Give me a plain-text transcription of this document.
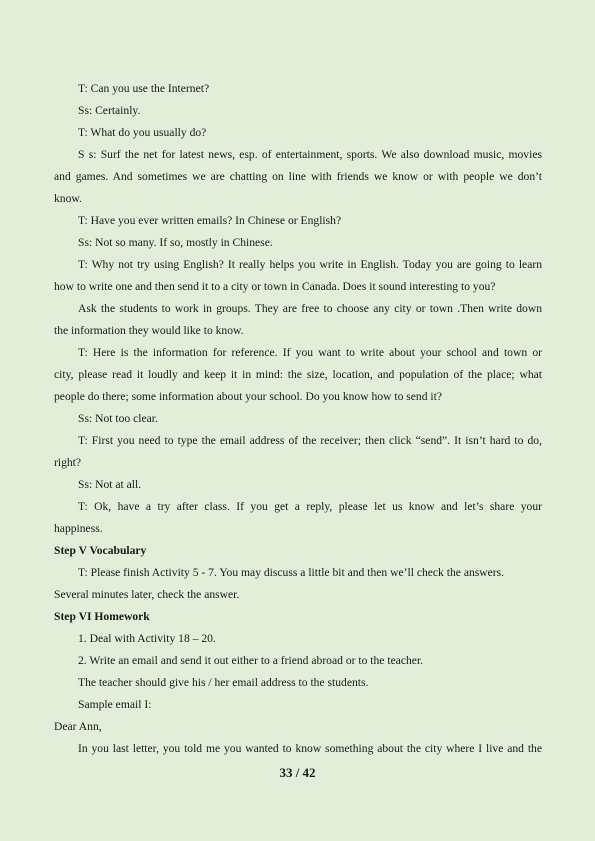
T: Can you use the Internet?
Ss: Certainly.
T: What do you usually do?
S s: Surf the net for latest news, esp. of entertainment, sports. We also download music, movies
and games. And sometimes we are chatting on line with friends we know or with people we don’t
know.
T: Have you ever written emails? In Chinese or English?
Ss: Not so many. If so, mostly in Chinese.
T: Why not try using English? It really helps you write in English. Today you are going to learn
how to write one and then send it to a city or town in Canada. Does it sound interesting to you?
Ask the students to work in groups. They are free to choose any city or town .Then write down
the information they would like to know.
T: Here is the information for reference. If you want to write about your school and town or
city, please read it loudly and keep it in mind: the size, location, and population of the place; what
people do there; some information about your school. Do you know how to send it?
Ss: Not too clear.
T: First you need to type the email address of the receiver; then click “send”. It isn’t hard to do,
right?
Ss: Not at all.
T: Ok, have a try after class. If you get a reply, please let us know and let’s share your
happiness.
Step V Vocabulary
T: Please finish Activity 5 - 7. You may discuss a little bit and then we’ll check the answers.
Several minutes later, check the answer.
Step VI Homework
1. Deal with Activity 18 – 20.
2. Write an email and send it out either to a friend abroad or to the teacher.
The teacher should give his / her email address to the students.
Sample email I:
Dear Ann,
In you last letter, you told me you wanted to know something about the city where I live and the
33 / 42
